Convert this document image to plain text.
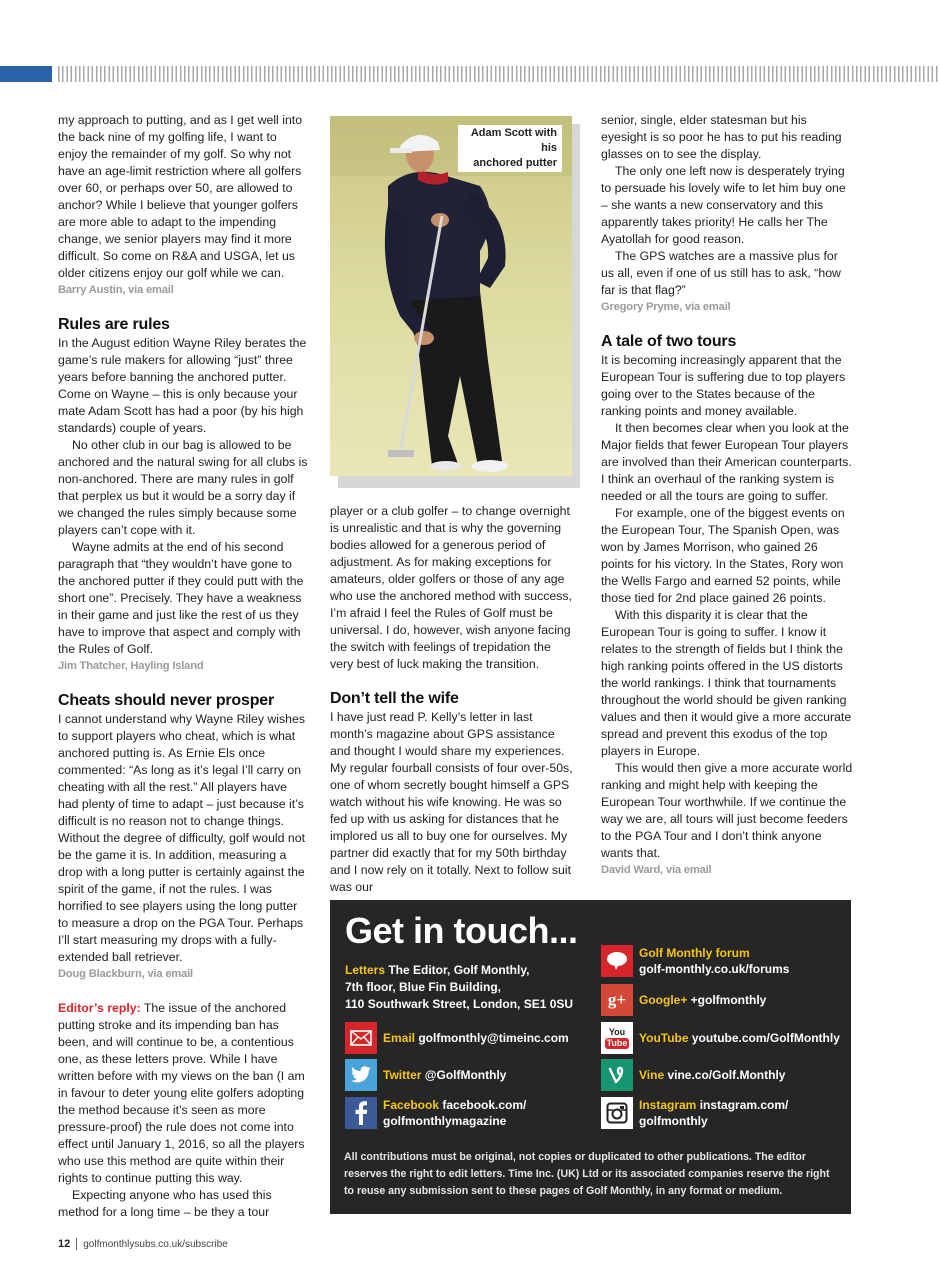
my approach to putting, and as I get well into the back nine of my golfing life, I want to enjoy the remainder of my golf. So why not have an age-limit restriction where all golfers over 60, or perhaps over 50, are allowed to anchor? While I believe that younger golfers are more able to adapt to the impending change, we senior players may find it more difficult. So come on R&A and USGA, let us older citizens enjoy our golf while we can.

Barry Austin, via email

Rules are rules

In the August edition Wayne Riley berates the game’s rule makers for allowing “just” three years before banning the anchored putter. Come on Wayne – this is only because your mate Adam Scott has had a poor (by his high standards) couple of years.

No other club in our bag is allowed to be anchored and the natural swing for all clubs is non-anchored. There are many rules in golf that perplex us but it would be a sorry day if we changed the rules simply because some players can’t cope with it.

Wayne admits at the end of his second paragraph that “they wouldn’t have gone to the anchored putter if they could putt with the short one”. Precisely. They have a weakness in their game and just like the rest of us they have to improve that aspect and comply with the Rules of Golf.

Jim Thatcher, Hayling Island

Cheats should never prosper

I cannot understand why Wayne Riley wishes to support players who cheat, which is what anchored putting is. As Ernie Els once commented: “As long as it’s legal I’ll carry on cheating with all the rest.” All players have had plenty of time to adapt – just because it’s difficult is no reason not to change things. Without the degree of difficulty, golf would not be the game it is. In addition, measuring a drop with a long putter is certainly against the spirit of the game, if not the rules. I was horrified to see players using the long putter to measure a drop on the PGA Tour. Perhaps I’ll start measuring my drops with a fully-extended ball retriever.

Doug Blackburn, via email

Editor’s reply: The issue of the anchored putting stroke and its impending ban has been, and will continue to be, a contentious one, as these letters prove. While I have written before with my views on the ban (I am in favour to deter young elite golfers adopting the method because it’s seen as more pressure-proof) the rule does not come into effect until January 1, 2016, so all the players who use this method are quite within their rights to continue putting this way.

Expecting anyone who has used this method for a long time – be they a tour

Adam Scott with his
anchored putter

player or a club golfer – to change overnight is unrealistic and that is why the governing bodies allowed for a generous period of adjustment. As for making exceptions for amateurs, older golfers or those of any age who use the anchored method with success, I’m afraid I feel the Rules of Golf must be universal. I do, however, wish anyone facing the switch with feelings of trepidation the very best of luck making the transition.

Don’t tell the wife

I have just read P. Kelly’s letter in last month’s magazine about GPS assistance and thought I would share my experiences. My regular fourball consists of four over-50s, one of whom secretly bought himself a GPS watch without his wife knowing. He was so fed up with us asking for distances that he implored us all to buy one for ourselves. My partner did exactly that for my 50th birthday and I now rely on it totally. Next to follow suit was our

senior, single, elder statesman but his eyesight is so poor he has to put his reading glasses on to see the display.

The only one left now is desperately trying to persuade his lovely wife to let him buy one – she wants a new conservatory and this apparently takes priority! He calls her The Ayatollah for good reason.

The GPS watches are a massive plus for us all, even if one of us still has to ask, “how far is that flag?”

Gregory Pryme, via email

A tale of two tours

It is becoming increasingly apparent that the European Tour is suffering due to top players going over to the States because of the ranking points and money available.

It then becomes clear when you look at the Major fields that fewer European Tour players are involved than their American counterparts. I think an overhaul of the ranking system is needed or all the tours are going to suffer.

For example, one of the biggest events on the European Tour, The Spanish Open, was won by James Morrison, who gained 26 points for his victory. In the States, Rory won the Wells Fargo and earned 52 points, while those tied for 2nd place gained 26 points.

With this disparity it is clear that the European Tour is going to suffer. I know it relates to the strength of fields but I think the high ranking points offered in the US distorts the world rankings. I think that tournaments throughout the world should be given ranking values and then it would give a more accurate spread and prevent this exodus of the top players in Europe.

This would then give a more accurate world ranking and might help with keeping the European Tour worthwhile. If we continue the way we are, all tours will just become feeders to the PGA Tour and I don’t think anyone wants that.

David Ward, via email

Get in touch...
Letters The Editor, Golf Monthly,
7th floor, Blue Fin Building,
110 Southwark Street, London, SE1 0SU
Email golfmonthly@timeinc.com
Twitter @GolfMonthly
Facebook facebook.com/
golfmonthlymagazine
Golf Monthly forum
golf-monthly.co.uk/forums
g+	Google+ +golfmonthly
You
Tube YouTube youtube.com/GolfMonthly
Vine vine.co/Golf.Monthly
Instagram instagram.com/
golfmonthly

All contributions must be original, not copies or duplicated to other publications. The editor reserves the right to edit letters. Time Inc. (UK) Ltd or its associated companies reserve the right to reuse any submission sent to these pages of Golf Monthly, in any format or medium.

12 golfmonthlysubs.co.uk/subscribe
